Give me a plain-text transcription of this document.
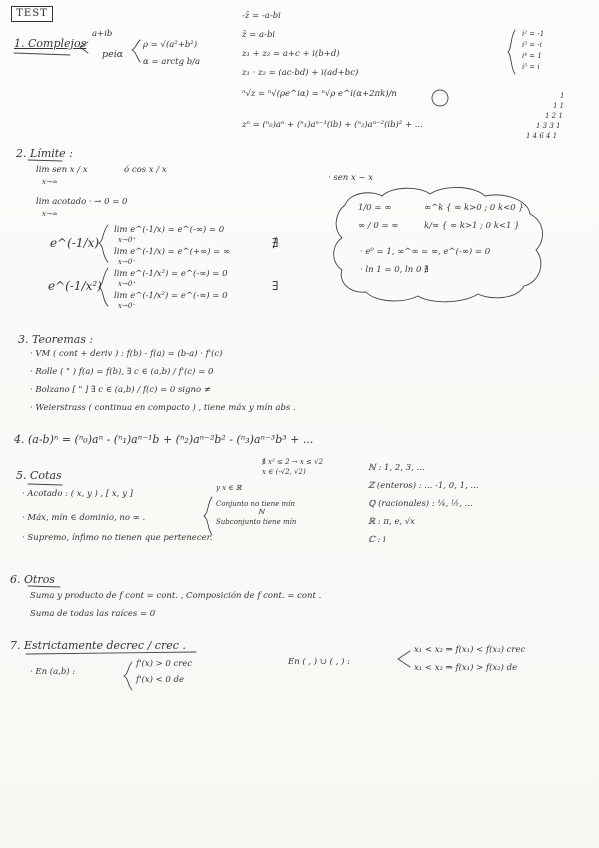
TEST
1. Complejos
a+ib
peiα
ρ = √(a²+b²)
α = arctg b/a
-z̄ = -a-bi
z̄ = a-bi
z₁ + z₂ = a+c + i(b+d)
z₁ · z₂ = (ac-bd) + i(ad+bc)
ⁿ√z = ⁿ√(ρe^iα) = ⁿ√ρ e^i(α+2πk)/n
zⁿ = (ⁿ₀)aⁿ + (ⁿ₁)aⁿ⁻¹(ib) + (ⁿ₂)aⁿ⁻²(ib)² + ...
i² = -1
i³ = -i
i⁴ = 1
i⁵ = i
1
1 1
1 2 1
1 3 3 1
1 4 6 4 1
2. Límite :
lim sen x / x
x→∞
ó cos x / x
lim acotado · → 0 = 0
x→∞
e^(-1/x)
lim e^(-1/x) = e^(-∞) = 0
x→0⁺
lim e^(-1/x) = e^(+∞) = ∞
x→0⁻
∄
e^(-1/x²)
lim e^(-1/x²) = e^(-∞) = 0
x→0⁺
lim e^(-1/x²) = e^(-∞) = 0
x→0⁻
∃
· sen x ~ x
1/0 = ∞
∞ / 0 = ∞
∞^k { ∞ k>0 ; 0 k<0 }
k/∞ { ∞ k>1 ; 0 k<1 }
· e⁰ = 1, ∞^∞ = ∞, e^(-∞) = 0
· ln 1 = 0, ln 0 ∄
3. Teoremas :
· VM ( cont + deriv ) : f(b) - f(a) = (b-a) · f'(c)
· Rolle ( " ) f(a) = f(b), ∃ c ∈ (a,b) / f'(c) = 0
· Bolzano [ " ] ∃ c ∈ (a,b) / f(c) = 0 signo ≠
· Weierstrass ( continua en compacto ) , tiene máx y mín abs .
4. (a-b)ⁿ = (ⁿ₀)aⁿ - (ⁿ₁)aⁿ⁻¹b + (ⁿ₂)aⁿ⁻²b² - (ⁿ₃)aⁿ⁻³b³ + ...
5. Cotas
∄ x² ≤ 2 → x ≤ √2
x ∈ (-√2, √2)
· Acotado : ( x, y ) , [ x, y ]
y x ∈ ℝ
· Máx, mín ∈ dominio, no ∞ .
Conjunto no tiene mín
Subconjunto tiene mín
ℕ
· Supremo, ínfimo no tienen que pertenecer.
ℕ : 1, 2, 3, ...
ℤ (enteros) : ... -1, 0, 1, ...
ℚ (racionales) : ¼, ½, ...
ℝ : π, e, √x
ℂ : i
6. Otros
Suma y producto de f cont = cont. , Composición de f cont. = cont .
Suma de todas las raíces = 0
7. Estrictamente decrec / crec .
· En (a,b) :
f'(x) > 0 crec
f'(x) < 0 de
En ( , ) ∪ ( , ) :
x₁ < x₂ ⇒ f(x₁) < f(x₂) crec
x₁ < x₂ ⇒ f(x₁) > f(x₂) de
